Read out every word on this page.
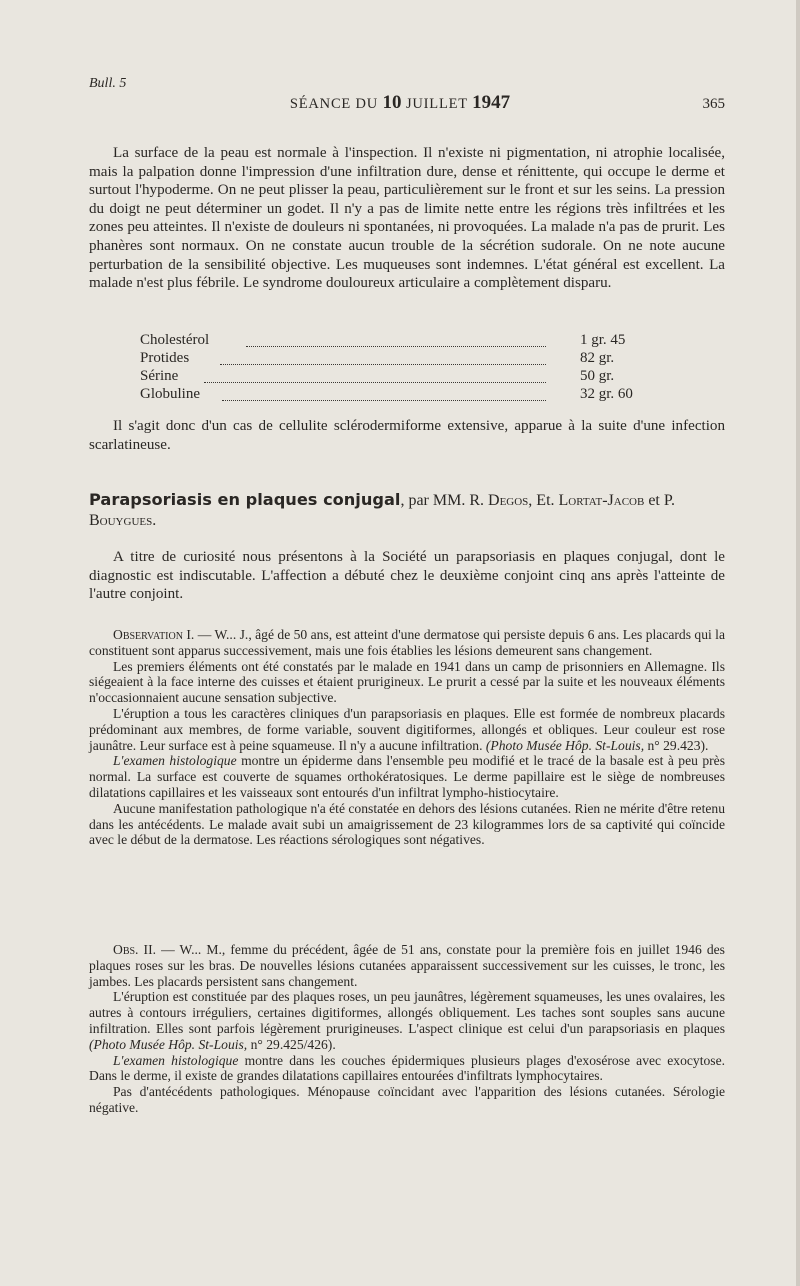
Bull. 5
SÉANCE DU 10 JUILLET 1947	365

La surface de la peau est normale à l'inspection. Il n'existe ni pigmentation, ni atrophie localisée, mais la palpation donne l'impression d'une infiltration dure, dense et rénittente, qui occupe le derme et surtout l'hypoderme. On ne peut plisser la peau, particulièrement sur le front et sur les seins. La pression du doigt ne peut déterminer un godet. Il n'y a pas de limite nette entre les régions très infiltrées et les zones peu atteintes. Il n'existe de douleurs ni spontanées, ni provoquées. La malade n'a pas de prurit. Les phanères sont normaux. On ne constate aucun trouble de la sécrétion sudorale. On ne note aucune perturbation de la sensibilité objective. Les muqueuses sont indemnes. L'état général est excellent. La malade n'est plus fébrile. Le syndrome douloureux articulaire a complètement disparu.

Cholestérol	1 gr. 45
Protides	82 gr.
Sérine	50 gr.
Globuline	32 gr. 60

Il s'agit donc d'un cas de cellulite sclérodermiforme extensive, apparue à la suite d'une infection scarlatineuse.

Parapsoriasis en plaques conjugal, par MM. R. Degos, Et. Lortat-Jacob et P. Bouygues.

A titre de curiosité nous présentons à la Société un parapsoriasis en plaques conjugal, dont le diagnostic est indiscutable. L'affection a débuté chez le deuxième conjoint cinq ans après l'atteinte de l'autre conjoint.

Observation I. — W... J., âgé de 50 ans, est atteint d'une dermatose qui persiste depuis 6 ans. Les placards qui la constituent sont apparus successivement, mais une fois établies les lésions demeurent sans changement.

Les premiers éléments ont été constatés par le malade en 1941 dans un camp de prisonniers en Allemagne. Ils siégeaient à la face interne des cuisses et étaient prurigineux. Le prurit a cessé par la suite et les nouveaux éléments n'occasionnaient aucune sensation subjective.

L'éruption a tous les caractères cliniques d'un parapsoriasis en plaques. Elle est formée de nombreux placards prédominant aux membres, de forme variable, souvent digitiformes, allongés et obliques. Leur couleur est rose jaunâtre. Leur surface est à peine squameuse. Il n'y a aucune infiltration. (Photo Musée Hôp. St-Louis, n° 29.423).

L'examen histologique montre un épiderme dans l'ensemble peu modifié et le tracé de la basale est à peu près normal. La surface est couverte de squames orthokératosiques. Le derme papillaire est le siège de nombreuses dilatations capillaires et les vaisseaux sont entourés d'un infiltrat lympho-histiocytaire.

Aucune manifestation pathologique n'a été constatée en dehors des lésions cutanées. Rien ne mérite d'être retenu dans les antécédents. Le malade avait subi un amaigrissement de 23 kilogrammes lors de sa captivité qui coïncide avec le début de la dermatose. Les réactions sérologiques sont négatives.

Obs. II. — W... M., femme du précédent, âgée de 51 ans, constate pour la première fois en juillet 1946 des plaques roses sur les bras. De nouvelles lésions cutanées apparaissent successivement sur les cuisses, le tronc, les jambes. Les placards persistent sans changement.

L'éruption est constituée par des plaques roses, un peu jaunâtres, légèrement squameuses, les unes ovalaires, les autres à contours irréguliers, certaines digitiformes, allongés obliquement. Les taches sont souples sans aucune infiltration. Elles sont parfois légèrement prurigineuses. L'aspect clinique est celui d'un parapsoriasis en plaques (Photo Musée Hôp. St-Louis, n° 29.425/426).

L'examen histologique montre dans les couches épidermiques plusieurs plages d'exosérose avec exocytose. Dans le derme, il existe de grandes dilatations capillaires entourées d'infiltrats lymphocytaires.

Pas d'antécédents pathologiques. Ménopause coïncidant avec l'apparition des lésions cutanées. Sérologie négative.
